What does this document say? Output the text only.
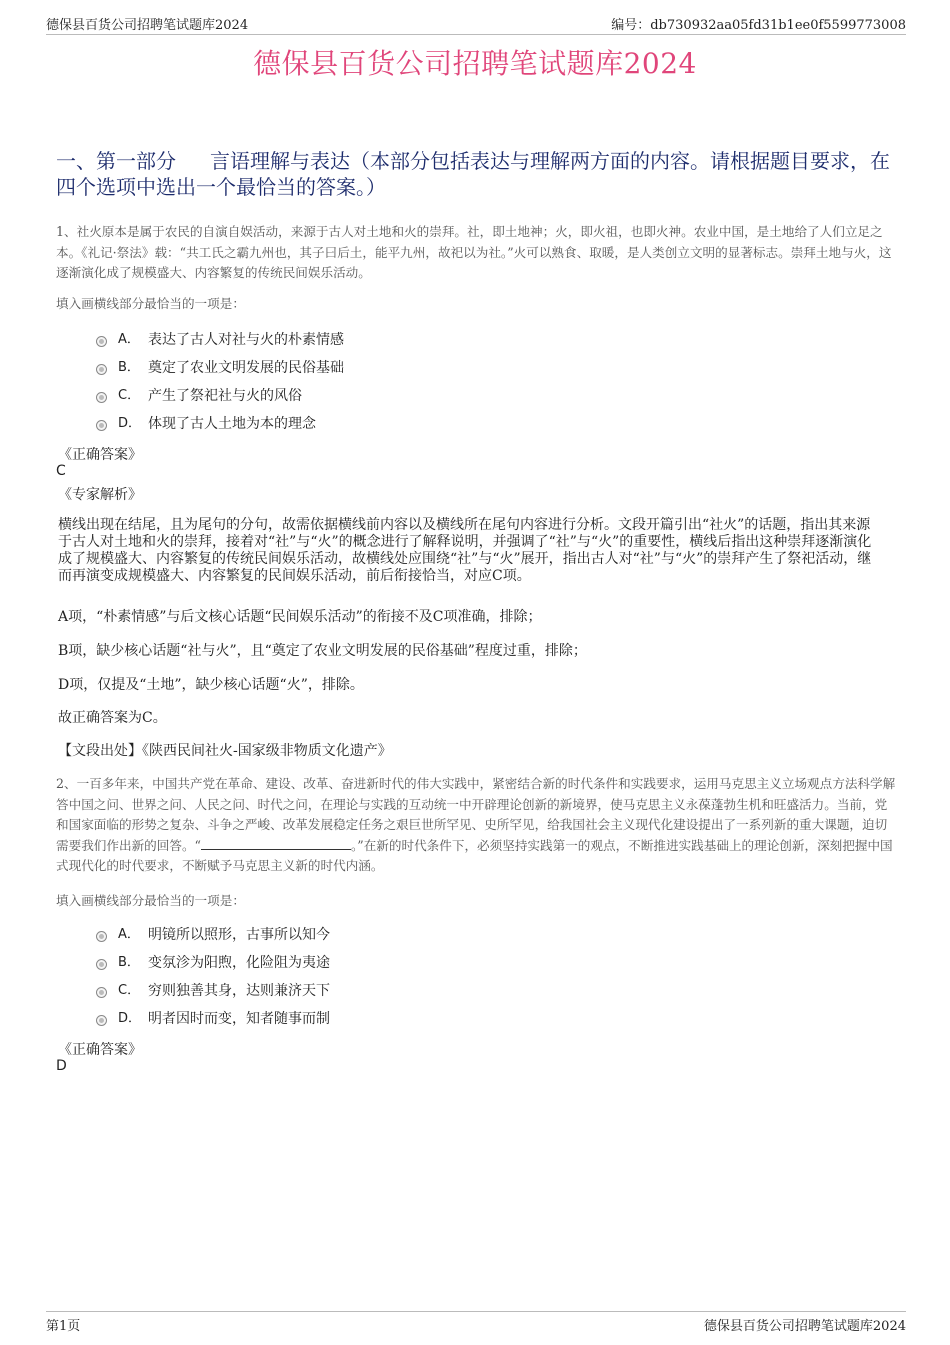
德保县百货公司招聘笔试题库2024	编号：db730932aa05fd31b1ee0f5599773008
德保县百货公司招聘笔试题库2024
一、第一部分 言语理解与表达（本部分包括表达与理解两方面的内容。请根据题目要求，在四个选项中选出一个最恰当的答案。）
1、社火原本是属于农民的自演自娱活动，来源于古人对土地和火的崇拜。社，即土地神；火，即火祖，也即火神。农业中国，是土地给了人们立足之本。《礼记·祭法》载：“共工氏之霸九州也，其子曰后土，能平九州，故祀以为社。”火可以熟食、取暖，是人类创立文明的显著标志。崇拜土地与火，这逐渐演化成了规模盛大、内容繁复的传统民间娱乐活动。
填入画横线部分最恰当的一项是：
A． 表达了古人对社与火的朴素情感
B． 奠定了农业文明发展的民俗基础
C． 产生了祭祀社与火的风俗
D． 体现了古人土地为本的理念
《正确答案》
C
《专家解析》
横线出现在结尾，且为尾句的分句，故需依据横线前内容以及横线所在尾句内容进行分析。文段开篇引出“社火”的话题，指出其来源于古人对土地和火的崇拜，接着对“社”与“火”的概念进行了解释说明，并强调了“社”与“火”的重要性，横线后指出这种崇拜逐渐演化成了规模盛大、内容繁复的传统民间娱乐活动，故横线处应围绕“社”与“火”展开，指出古人对“社”与“火”的崇拜产生了祭祀活动，继而再演变成规模盛大、内容繁复的民间娱乐活动，前后衔接恰当，对应C项。
A项，“朴素情感”与后文核心话题“民间娱乐活动”的衔接不及C项准确，排除；
B项，缺少核心话题“社与火”，且“奠定了农业文明发展的民俗基础”程度过重，排除；
D项，仅提及“土地”，缺少核心话题“火”，排除。
故正确答案为C。
【文段出处】《陕西民间社火-国家级非物质文化遗产》
2、一百多年来，中国共产党在革命、建设、改革、奋进新时代的伟大实践中，紧密结合新的时代条件和实践要求，运用马克思主义立场观点方法科学解答中国之问、世界之问、人民之问、时代之问，在理论与实践的互动统一中开辟理论创新的新境界，使马克思主义永葆蓬勃生机和旺盛活力。当前，党和国家面临的形势之复杂、斗争之严峻、改革发展稳定任务之艰巨世所罕见、史所罕见，给我国社会主义现代化建设提出了一系列新的重大课题，迫切需要我们作出新的回答。“	。”在新的时代条件下，必须坚持实践第一的观点，不断推进实践基础上的理论创新，深刻把握中国式现代化的时代要求，不断赋予马克思主义新的时代内涵。
填入画横线部分最恰当的一项是：
A． 明镜所以照形，古事所以知今
B． 变氛沴为阳煦，化险阻为夷途
C． 穷则独善其身，达则兼济天下
D． 明者因时而变，知者随事而制
《正确答案》
D
第1页	德保县百货公司招聘笔试题库2024
